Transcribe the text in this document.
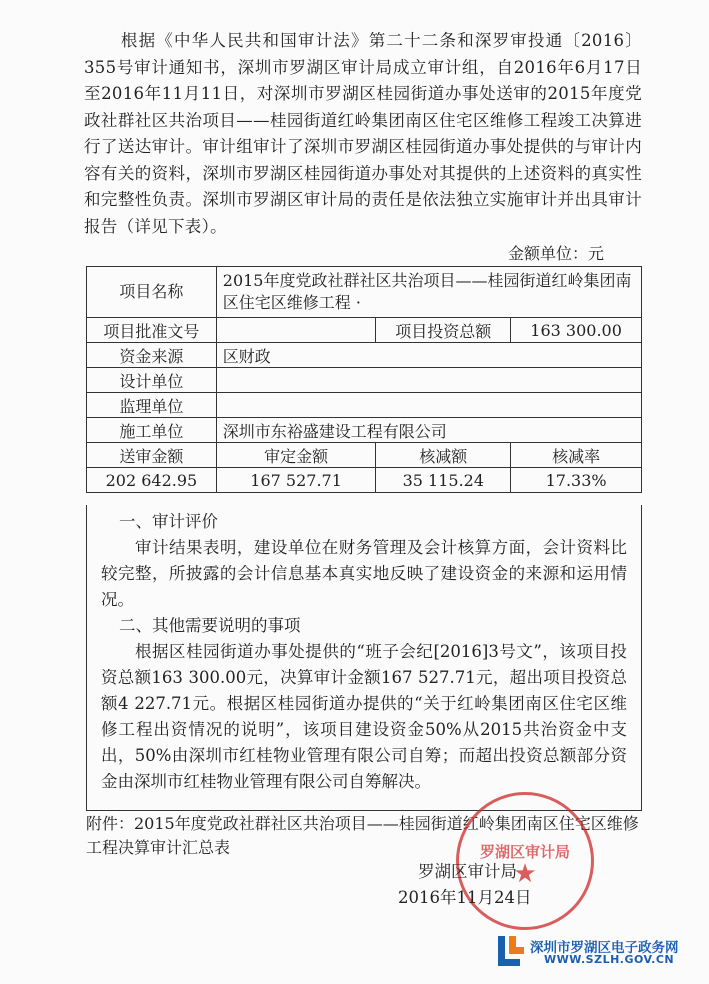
根据《中华人民共和国审计法》第二十二条和深罗审投通〔2016〕355号审计通知书，深圳市罗湖区审计局成立审计组，自2016年6月17日至2016年11月11日，对深圳市罗湖区桂园街道办事处送审的2015年度党政社群社区共治项目——桂园街道红岭集团南区住宅区维修工程竣工决算进行了送达审计。审计组审计了深圳市罗湖区桂园街道办事处提供的与审计内容有关的资料，深圳市罗湖区桂园街道办事处对其提供的上述资料的真实性和完整性负责。深圳市罗湖区审计局的责任是依法独立实施审计并出具审计报告（详见下表）。
金额单位：元
项目名称	2015年度党政社群社区共治项目——桂园街道红岭集团南区住宅区维修工程 ·		
项目批准文号		项目投资总额	163 300.00
资金来源	区财政		
设计单位			
监理单位			
施工单位	深圳市东裕盛建设工程有限公司		
送审金额	审定金额	核减额	核减率
202 642.95	167 527.71	35 115.24	17.33%

一、审计评价

审计结果表明，建设单位在财务管理及会计核算方面，会计资料比较完整，所披露的会计信息基本真实地反映了建设资金的来源和运用情况。

二、其他需要说明的事项

根据区桂园街道办事处提供的“班子会纪[2016]3号文”，该项目投资总额163 300.00元，决算审计金额167 527.71元，超出项目投资总额4 227.71元。根据区桂园街道办提供的“关于红岭集团南区住宅区维修工程出资情况的说明”，该项目建设资金50%从2015共治资金中支出，50%由深圳市红桂物业管理有限公司自筹；而超出投资总额部分资金由深圳市红桂物业管理有限公司自筹解决。

附件：2015年度党政社群社区共治项目——桂园街道红岭集团南区住宅区维修工程决算审计汇总表	罗湖区审计局
★
罗湖区审计局
2016年11月24日
深圳市罗湖区电子政务网
WWW.SZLH.GOV.CN
